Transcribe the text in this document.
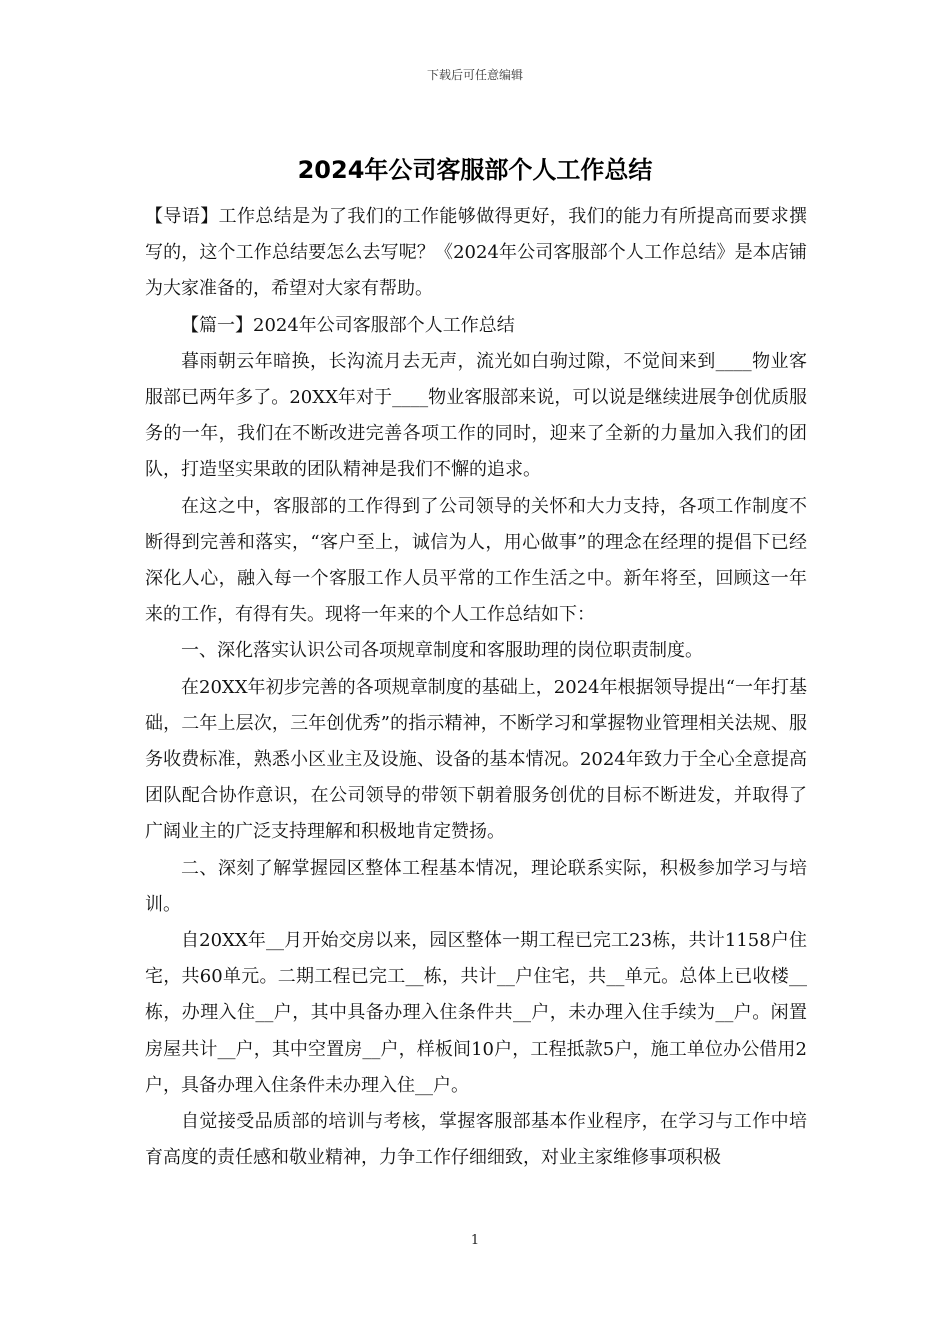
下载后可任意编辑
2024年公司客服部个人工作总结

【导语】工作总结是为了我们的工作能够做得更好，我们的能力有所提高而要求撰写的，这个工作总结要怎么去写呢？《2024年公司客服部个人工作总结》是本店铺为大家准备的，希望对大家有帮助。

【篇一】2024年公司客服部个人工作总结

暮雨朝云年暗换，长沟流月去无声，流光如白驹过隙，不觉间来到____物业客服部已两年多了。20XX年对于____物业客服部来说，可以说是继续进展争创优质服务的一年，我们在不断改进完善各项工作的同时，迎来了全新的力量加入我们的团队，打造坚实果敢的团队精神是我们不懈的追求。

在这之中，客服部的工作得到了公司领导的关怀和大力支持，各项工作制度不断得到完善和落实，“客户至上，诚信为人，用心做事”的理念在经理的提倡下已经深化人心，融入每一个客服工作人员平常的工作生活之中。新年将至，回顾这一年来的工作，有得有失。现将一年来的个人工作总结如下：

一、深化落实认识公司各项规章制度和客服助理的岗位职责制度。

在20XX年初步完善的各项规章制度的基础上，2024年根据领导提出“一年打基础，二年上层次，三年创优秀”的指示精神，不断学习和掌握物业管理相关法规、服务收费标准，熟悉小区业主及设施、设备的基本情况。2024年致力于全心全意提高团队配合协作意识，在公司领导的带领下朝着服务创优的目标不断进发，并取得了广阔业主的广泛支持理解和积极地肯定赞扬。

二、深刻了解掌握园区整体工程基本情况，理论联系实际，积极参加学习与培训。

自20XX年__月开始交房以来，园区整体一期工程已完工23栋，共计1158户住宅，共60单元。二期工程已完工__栋，共计__户住宅，共__单元。总体上已收楼__栋，办理入住__户，其中具备办理入住条件共__户，未办理入住手续为__户。闲置房屋共计__户，其中空置房__户，样板间10户，工程抵款5户，施工单位办公借用2户，具备办理入住条件未办理入住__户。

自觉接受品质部的培训与考核，掌握客服部基本作业程序，在学习与工作中培育高度的责任感和敬业精神，力争工作仔细细致，对业主家维修事项积极

1
